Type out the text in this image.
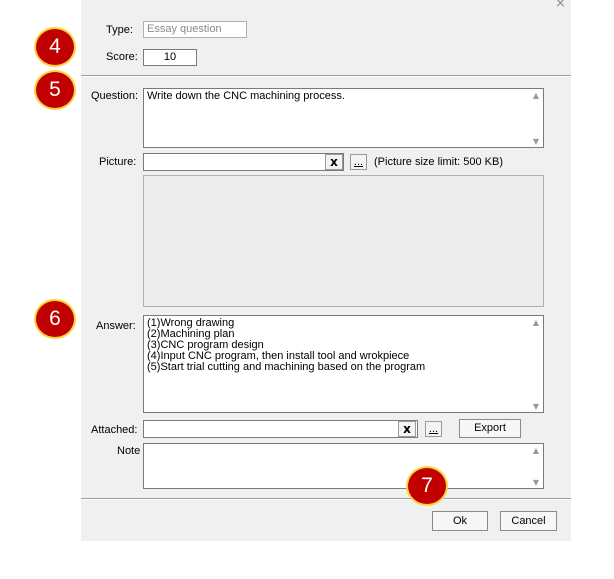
×
Type: Essay question
Score:	10
Question: Write down the CNC machining process.	▲
▼
Picture:	x	... (Picture size limit: 500 KB)
Answer: (1)Wrong drawing
(2)Machining plan
(3)CNC program design
(4)Input CNC program, then install tool and wrokpiece
(5)Start trial cutting and machining based on the program
▲
▼
Attached:	x	...	Export
Note	▲
▼
Ok	Cancel
4
5
6
7
